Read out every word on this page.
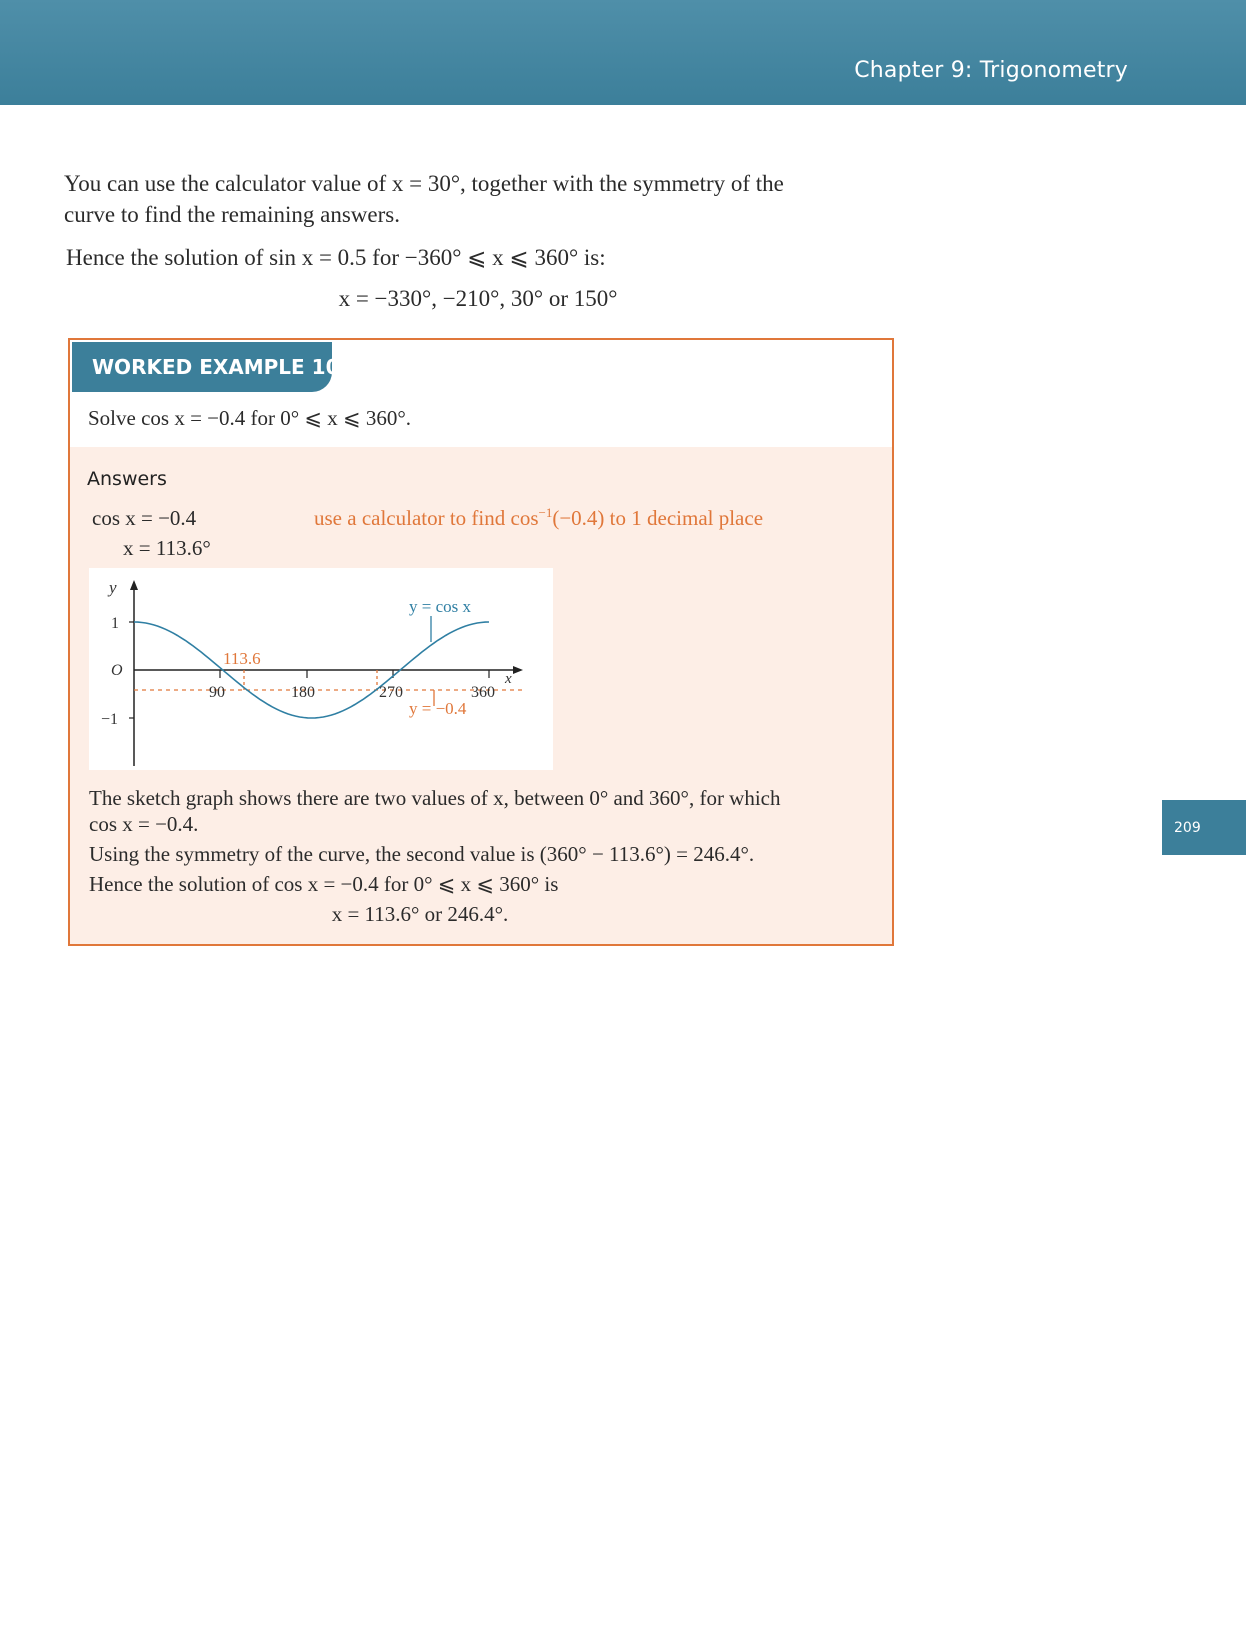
Chapter 9: Trigonometry
You can use the calculator value of x = 30°, together with the symmetry of the
curve to find the remaining answers.
Hence the solution of sin x = 0.5 for −360° ⩽ x ⩽ 360° is:
x = −330°, −210°, 30° or 150°
WORKED EXAMPLE 10
Solve cos x = −0.4 for 0° ⩽ x ⩽ 360°.
Answers
cos x = −0.4	use a calculator to find $\cos^{-1}(-0.4)$ to 1 decimal place
x = 113.6°
y
1
O
−1
90	180	270	360
x
y = cos x
y = −0.4
113.6
The sketch graph shows there are two values of x, between 0° and 360°, for which
cos x = −0.4.
Using the symmetry of the curve, the second value is (360° − 113.6°) = 246.4°.
Hence the solution of cos x = −0.4 for 0° ⩽ x ⩽ 360° is
x = 113.6° or 246.4°.
209
